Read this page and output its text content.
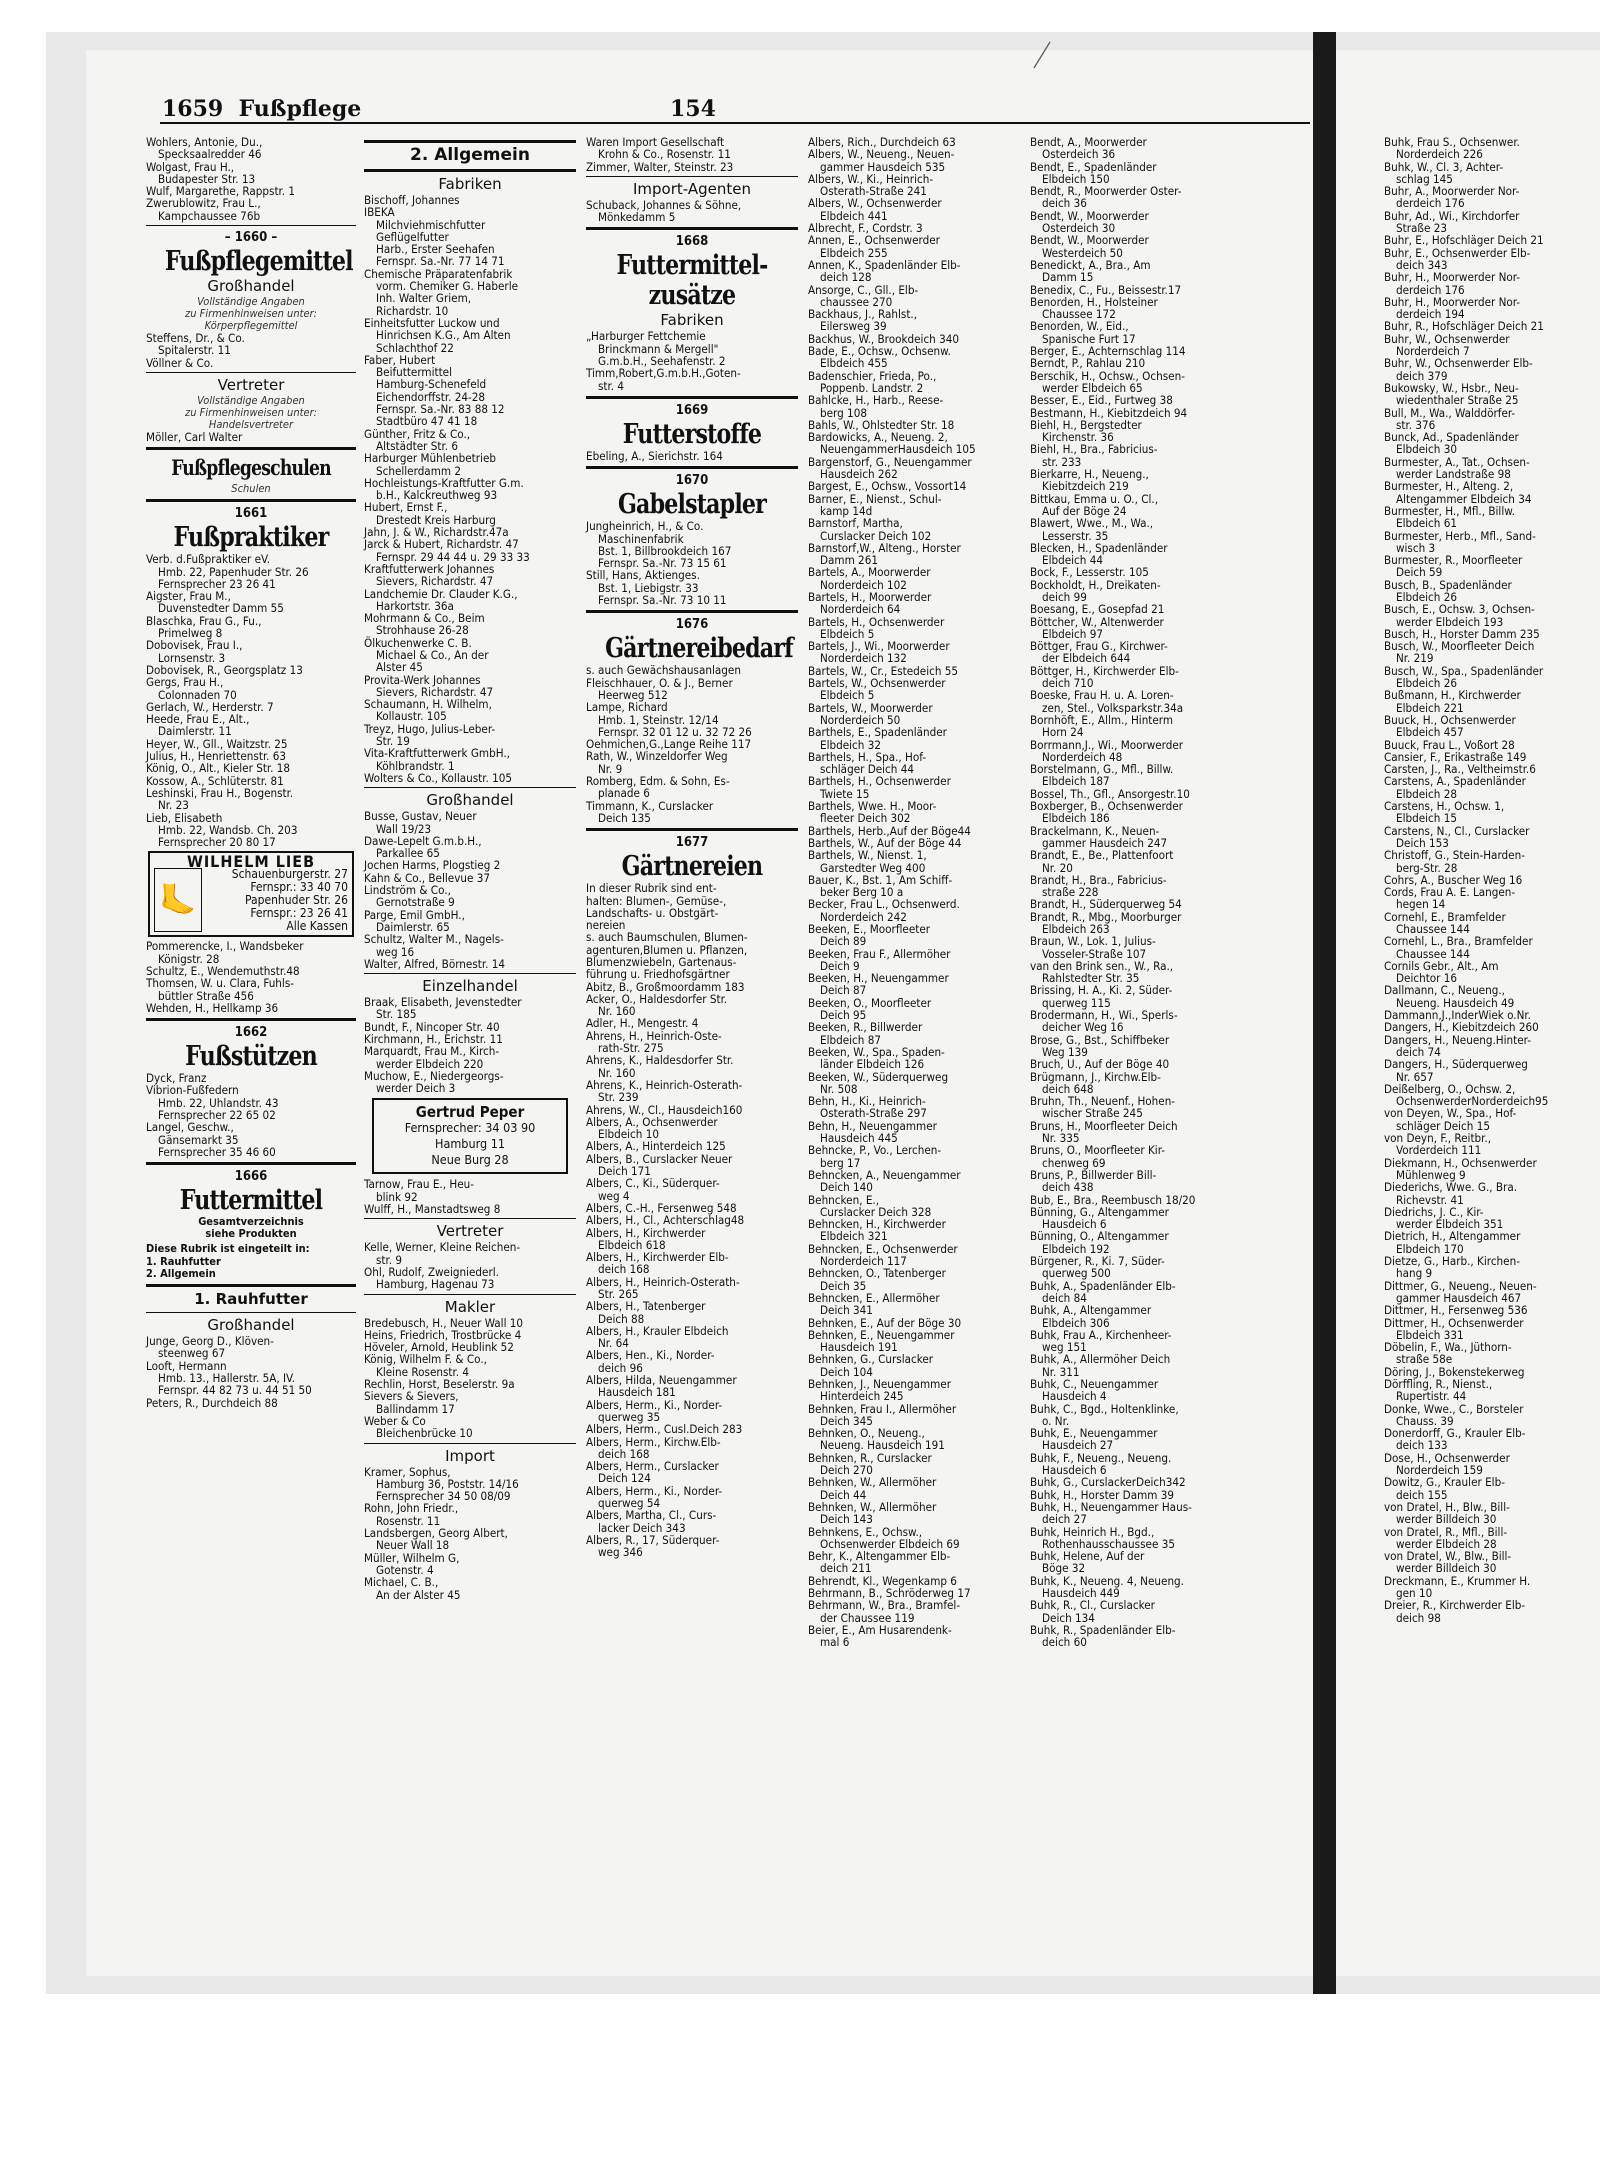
1659 Fußpflege	154
Wohlers, Antonie, Du.,
Specksaalredder 46
Wolgast, Frau H.,
Budapester Str. 13
Wulf, Margarethe, Rappstr. 1
Zwerublowitz, Frau L.,
Kampchaussee 76b
– 1660 –
Fußpflegemittel
Großhandel
Vollständige Angaben
zu Firmenhinweisen unter:
Körperpflegemittel
Steffens, Dr., & Co.
Spitalerstr. 11
Völlner & Co.
Vertreter
Vollständige Angaben
zu Firmenhinweisen unter:
Handelsvertreter
Möller, Carl Walter
Fußpflegeschulen
Schulen
1661
Fußpraktiker
Verb. d.Fußpraktiker eV.
Hmb. 22, Papenhuder Str. 26
Fernsprecher 23 26 41
Aigster, Frau M.,
Duvenstedter Damm 55
Blaschka, Frau G., Fu.,
Primelweg 8
Dobovisek, Frau I.,
Lornsenstr. 3
Dobovisek, R., Georgsplatz 13
Gergs, Frau H.,
Colonnaden 70
Gerlach, W., Herderstr. 7
Heede, Frau E., Alt.,
Daimlerstr. 11
Heyer, W., Gll., Waitzstr. 25
Julius, H., Henriettenstr. 63
König, O., Alt., Kieler Str. 18
Kossow, A., Schlüterstr. 81
Leshinski, Frau H., Bogenstr.
Nr. 23
Lieb, Elisabeth
Hmb. 22, Wandsb. Ch. 203
Fernsprecher 20 80 17
WILHELM LIEB
🦶
Schauenburgerstr. 27
Fernspr.: 33 40 70
Papenhuder Str. 26
Fernspr.: 23 26 41
Alle Kassen
Pommerencke, I., Wandsbeker
Königstr. 28
Schultz, E., Wendemuthstr.48
Thomsen, W. u. Clara, Fuhls-
büttler Straße 456
Wehden, H., Hellkamp 36
1662
Fußstützen
Dyck, Franz
Vibrion-Fußfedern
Hmb. 22, Uhlandstr. 43
Fernsprecher 22 65 02
Langel, Geschw.,
Gänsemarkt 35
Fernsprecher 35 46 60
1666
Futtermittel
Gesamtverzeichnis
siehe Produkten
Diese Rubrik ist eingeteilt in:
1. Rauhfutter
2. Allgemein
1. Rauhfutter
Großhandel
Junge, Georg D., Klöven-
steenweg 67
Looft, Hermann
Hmb. 13., Hallerstr. 5A, IV.
Fernspr. 44 82 73 u. 44 51 50
Peters, R., Durchdeich 88
2. Allgemein
Fabriken
Bischoff, Johannes
IBEKA
Milchviehmischfutter
Geflügelfutter
Harb., Erster Seehafen
Fernspr. Sa.-Nr. 77 14 71
Chemische Präparatenfabrik
vorm. Chemiker G. Haberle
Inh. Walter Griem,
Richardstr. 10
Einheitsfutter Luckow und
Hinrichsen K.G., Am Alten
Schlachthof 22
Faber, Hubert
Beifuttermittel
Hamburg-Schenefeld
Eichendorffstr. 24-28
Fernspr. Sa.-Nr. 83 88 12
Stadtbüro 47 41 18
Günther, Fritz & Co.,
Altstädter Str. 6
Harburger Mühlenbetrieb
Schellerdamm 2
Hochleistungs-Kraftfutter G.m.
b.H., Kalckreuthweg 93
Hubert, Ernst F.,
Drestedt Kreis Harburg
Jahn, J. & W., Richardstr.47a
Jarck & Hubert, Richardstr. 47
Fernspr. 29 44 44 u. 29 33 33
Kraftfutterwerk Johannes
Sievers, Richardstr. 47
Landchemie Dr. Clauder K.G.,
Harkortstr. 36a
Mohrmann & Co., Beim
Strohhause 26-28
Ölkuchenwerke C. B.
Michael & Co., An der
Alster 45
Provita-Werk Johannes
Sievers, Richardstr. 47
Schaumann, H. Wilhelm,
Kollaustr. 105
Treyz, Hugo, Julius-Leber-
Str. 19
Vita-Kraftfutterwerk GmbH.,
Köhlbrandstr. 1
Wolters & Co., Kollaustr. 105
Großhandel
Busse, Gustav, Neuer
Wall 19/23
Dawe-Lepelt G.m.b.H.,
Parkallee 65
Jochen Harms, Plogstieg 2
Kahn & Co., Bellevue 37
Lindström & Co.,
Gernotstraße 9
Parge, Emil GmbH.,
Daimlerstr. 65
Schultz, Walter M., Nagels-
weg 16
Walter, Alfred, Börnestr. 14
Einzelhandel
Braak, Elisabeth, Jevenstedter
Str. 185
Bundt, F., Nincoper Str. 40
Kirchmann, H., Erichstr. 11
Marquardt, Frau M., Kirch-
werder Elbdeich 220
Muchow, E., Niedergeorgs-
werder Deich 3
Gertrud Peper
Fernsprecher: 34 03 90
Hamburg 11
Neue Burg 28
Tarnow, Frau E., Heu-
blink 92
Wulff, H., Manstadtsweg 8
Vertreter
Kelle, Werner, Kleine Reichen-
str. 9
Ohl, Rudolf, Zweigniederl.
Hamburg, Hagenau 73
Makler
Bredebusch, H., Neuer Wall 10
Heins, Friedrich, Trostbrücke 4
Höveler, Arnold, Heublink 52
König, Wilhelm F. & Co.,
Kleine Rosenstr. 4
Rechlin, Horst, Beselerstr. 9a
Sievers & Sievers,
Ballindamm 17
Weber & Co
Bleichenbrücke 10
Import
Kramer, Sophus,
Hamburg 36, Poststr. 14/16
Fernsprecher 34 50 08/09
Rohn, John Friedr.,
Rosenstr. 11
Landsbergen, Georg Albert,
Neuer Wall 18
Müller, Wilhelm G,
Gotenstr. 4
Michael, C. B.,
An der Alster 45
Waren Import Gesellschaft
Krohn & Co., Rosenstr. 11
Zimmer, Walter, Steinstr. 23
Import-Agenten
Schuback, Johannes & Söhne,
Mönkedamm 5
1668
Futtermittel-
zusätze
Fabriken
„Harburger Fettchemie
Brinckmann & Mergell"
G.m.b.H., Seehafenstr. 2
Timm,Robert,G.m.b.H.,Goten-
str. 4
1669
Futterstoffe
Ebeling, A., Sierichstr. 164
1670
Gabelstapler
Jungheinrich, H., & Co.
Maschinenfabrik
Bst. 1, Billbrookdeich 167
Fernspr. Sa.-Nr. 73 15 61
Still, Hans, Aktienges.
Bst. 1, Liebigstr. 33
Fernspr. Sa.-Nr. 73 10 11
1676
Gärtnereibedarf
s. auch Gewächshausanlagen
Fleischhauer, O. & J., Berner
Heerweg 512
Lampe, Richard
Hmb. 1, Steinstr. 12/14
Fernspr. 32 01 12 u. 32 72 26
Oehmichen,G.,Lange Reihe 117
Rath, W., Winzeldorfer Weg
Nr. 9
Romberg, Edm. & Sohn, Es-
planade 6
Timmann, K., Curslacker
Deich 135
1677
Gärtnereien
In dieser Rubrik sind ent-
halten: Blumen-, Gemüse-,
Landschafts- u. Obstgärt-
nereien
s. auch Baumschulen, Blumen-
agenturen,Blumen u. Pflanzen,
Blumenzwiebeln, Gartenaus-
führung u. Friedhofsgärtner
Abitz, B., Großmoordamm 183
Acker, O., Haldesdorfer Str.
Nr. 160
Adler, H., Mengestr. 4
Ahrens, H., Heinrich-Oste-
rath-Str. 275
Ahrens, K., Haldesdorfer Str.
Nr. 160
Ahrens, K., Heinrich-Osterath-
Str. 239
Ahrens, W., Cl., Hausdeich160
Albers, A., Ochsenwerder
Elbdeich 10
Albers, A., Hinterdeich 125
Albers, B., Curslacker Neuer
Deich 171
Albers, C., Ki., Süderquer-
weg 4
Albers, C.-H., Fersenweg 548
Albers, H., Cl., Achterschlag48
Albers, H., Kirchwerder
Elbdeich 618
Albers, H., Kirchwerder Elb-
deich 168
Albers, H., Heinrich-Osterath-
Str. 265
Albers, H., Tatenberger
Deich 88
Albers, H., Krauler Elbdeich
Nr. 64
Albers, Hen., Ki., Norder-
deich 96
Albers, Hilda, Neuengammer
Hausdeich 181
Albers, Herm., Ki., Norder-
querweg 35
Albers, Herm., Cusl.Deich 283
Albers, Herm., Kirchw.Elb-
deich 168
Albers, Herm., Curslacker
Deich 124
Albers, Herm., Ki., Norder-
querweg 54
Albers, Martha, Cl., Curs-
lacker Deich 343
Albers, R., 17, Süderquer-
weg 346
Albers, Rich., Durchdeich 63
Albers, W., Neueng., Neuen-
gammer Hausdeich 535
Albers, W., Ki., Heinrich-
Osterath-Straße 241
Albers, W., Ochsenwerder
Elbdeich 441
Albrecht, F., Cordstr. 3
Annen, E., Ochsenwerder
Elbdeich 255
Annen, K., Spadenländer Elb-
deich 128
Ansorge, C., Gll., Elb-
chaussee 270
Backhaus, J., Rahlst.,
Eilersweg 39
Backhus, W., Brookdeich 340
Bade, E., Ochsw., Ochsenw.
Elbdeich 455
Badenschier, Frieda, Po.,
Poppenb. Landstr. 2
Bahlcke, H., Harb., Reese-
berg 108
Bahls, W., Ohlstedter Str. 18
Bardowicks, A., Neueng. 2,
NeuengammerHausdeich 105
Bargenstorf, G., Neuengammer
Hausdeich 262
Bargest, E., Ochsw., Vossort14
Barner, E., Nienst., Schul-
kamp 14d
Barnstorf, Martha,
Curslacker Deich 102
Barnstorf,W., Alteng., Horster
Damm 261
Bartels, A., Moorwerder
Norderdeich 102
Bartels, H., Moorwerder
Norderdeich 64
Bartels, H., Ochsenwerder
Elbdeich 5
Bartels, J., Wi., Moorwerder
Norderdeich 132
Bartels, W., Cr., Estedeich 55
Bartels, W., Ochsenwerder
Elbdeich 5
Bartels, W., Moorwerder
Norderdeich 50
Barthels, E., Spadenländer
Elbdeich 32
Barthels, H., Spa., Hof-
schläger Deich 44
Barthels, H., Ochsenwerder
Twiete 15
Barthels, Wwe. H., Moor-
fleeter Deich 302
Barthels, Herb.,Auf der Böge44
Barthels, W., Auf der Böge 44
Barthels, W., Nienst. 1,
Garstedter Weg 400
Bauer, K., Bst. 1, Am Schiff-
beker Berg 10 a
Becker, Frau L., Ochsenwerd.
Norderdeich 242
Beeken, E., Moorfleeter
Deich 89
Beeken, Frau F., Allermöher
Deich 9
Beeken, H., Neuengammer
Deich 87
Beeken, O., Moorfleeter
Deich 95
Beeken, R., Billwerder
Elbdeich 87
Beeken, W., Spa., Spaden-
länder Elbdeich 126
Beeken, W., Süderquerweg
Nr. 508
Behn, H., Ki., Heinrich-
Osterath-Straße 297
Behn, H., Neuengammer
Hausdeich 445
Behncke, P., Vo., Lerchen-
berg 17
Behncken, A., Neuengammer
Deich 140
Behncken, E.,
Curslacker Deich 328
Behncken, H., Kirchwerder
Elbdeich 321
Behncken, E., Ochsenwerder
Norderdeich 117
Behncken, O., Tatenberger
Deich 35
Behncken, E., Allermöher
Deich 341
Behnken, E., Auf der Böge 30
Behnken, E., Neuengammer
Hausdeich 191
Behnken, G., Curslacker
Deich 104
Behnken, J., Neuengammer
Hinterdeich 245
Behnken, Frau I., Allermöher
Deich 345
Behnken, O., Neueng.,
Neueng. Hausdeich 191
Behnken, R., Curslacker
Deich 270
Behnken, W., Allermöher
Deich 44
Behnken, W., Allermöher
Deich 143
Behnkens, E., Ochsw.,
Ochsenwerder Elbdeich 69
Behr, K., Altengammer Elb-
deich 211
Behrendt, Kl., Wegenkamp 6
Behrmann, B., Schröderweg 17
Behrmann, W., Bra., Bramfel-
der Chaussee 119
Beier, E., Am Husarendenk-
mal 6
Bendt, A., Moorwerder
Osterdeich 36
Bendt, E., Spadenländer
Elbdeich 150
Bendt, R., Moorwerder Oster-
deich 36
Bendt, W., Moorwerder
Osterdeich 30
Bendt, W., Moorwerder
Westerdeich 50
Benedickt, A., Bra., Am
Damm 15
Benedix, C., Fu., Beissestr.17
Benorden, H., Holsteiner
Chaussee 172
Benorden, W., Eid.,
Spanische Furt 17
Berger, E., Achternschlag 114
Berndt, P., Rahlau 210
Berschik, H., Ochsw., Ochsen-
werder Elbdeich 65
Besser, E., Eid., Furtweg 38
Bestmann, H., Kiebitzdeich 94
Biehl, H., Bergstedter
Kirchenstr. 36
Biehl, H., Bra., Fabricius-
str. 233
Bierkarre, H., Neueng.,
Kiebitzdeich 219
Bittkau, Emma u. O., Cl.,
Auf der Böge 24
Blawert, Wwe., M., Wa.,
Lesserstr. 35
Blecken, H., Spadenländer
Elbdeich 44
Bock, F., Lesserstr. 105
Bockholdt, H., Dreikaten-
deich 99
Boesang, E., Gosepfad 21
Böttcher, W., Altenwerder
Elbdeich 97
Böttger, Frau G., Kirchwer-
der Elbdeich 644
Böttger, H., Kirchwerder Elb-
deich 710
Boeske, Frau H. u. A. Loren-
zen, Stel., Volksparkstr.34a
Bornhöft, E., Allm., Hinterm
Horn 24
Borrmann,J., Wi., Moorwerder
Norderdeich 48
Borstelmann, G., Mfl., Billw.
Elbdeich 187
Bossel, Th., Gfl., Ansorgestr.10
Boxberger, B., Ochsenwerder
Elbdeich 186
Brackelmann, K., Neuen-
gammer Hausdeich 247
Brandt, E., Be., Plattenfoort
Nr. 20
Brandt, H., Bra., Fabricius-
straße 228
Brandt, H., Süderquerweg 54
Brandt, R., Mbg., Moorburger
Elbdeich 263
Braun, W., Lok. 1, Julius-
Vosseler-Straße 107
van den Brink sen., W., Ra.,
Rahlstedter Str. 35
Brissing, H. A., Ki. 2, Süder-
querweg 115
Brodermann, H., Wi., Sperls-
deicher Weg 16
Brose, G., Bst., Schiffbeker
Weg 139
Bruch, U., Auf der Böge 40
Brügmann, J., Kirchw.Elb-
deich 648
Bruhn, Th., Neuenf., Hohen-
wischer Straße 245
Bruns, H., Moorfleeter Deich
Nr. 335
Bruns, O., Moorfleeter Kir-
chenweg 69
Bruns, P., Billwerder Bill-
deich 438
Bub, E., Bra., Reembusch 18/20
Bünning, G., Altengammer
Hausdeich 6
Bünning, O., Altengammer
Elbdeich 192
Bürgener, R., Ki. 7, Süder-
querweg 500
Buhk, A., Spadenländer Elb-
deich 84
Buhk, A., Altengammer
Elbdeich 306
Buhk, Frau A., Kirchenheer-
weg 151
Buhk, A., Allermöher Deich
Nr. 311
Buhk, C., Neuengammer
Hausdeich 4
Buhk, C., Bgd., Holtenklinke,
o. Nr.
Buhk, E., Neuengammer
Hausdeich 27
Buhk, F., Neueng., Neueng.
Hausdeich 6
Buhk, G., CurslackerDeich342
Buhk, H., Horster Damm 39
Buhk, H., Neuengammer Haus-
deich 27
Buhk, Heinrich H., Bgd.,
Rothenhausschaussee 35
Buhk, Helene, Auf der
Böge 32
Buhk, K., Neueng. 4, Neueng.
Hausdeich 449
Buhk, R., Cl., Curslacker
Deich 134
Buhk, R., Spadenländer Elb-
deich 60
Buhk, Frau S., Ochsenwer.
Norderdeich 226
Buhk, W., Cl. 3, Achter-
schlag 145
Buhr, A., Moorwerder Nor-
derdeich 176
Buhr, Ad., Wi., Kirchdorfer
Straße 23
Buhr, E., Hofschläger Deich 21
Buhr, E., Ochsenwerder Elb-
deich 343
Buhr, H., Moorwerder Nor-
derdeich 176
Buhr, H., Moorwerder Nor-
derdeich 194
Buhr, R., Hofschläger Deich 21
Buhr, W., Ochsenwerder
Norderdeich 7
Buhr, W., Ochsenwerder Elb-
deich 379
Bukowsky, W., Hsbr., Neu-
wiedenthaler Straße 25
Bull, M., Wa., Walddörfer-
str. 376
Bunck, Ad., Spadenländer
Elbdeich 30
Burmester, A., Tat., Ochsen-
werder Landstraße 98
Burmester, H., Alteng. 2,
Altengammer Elbdeich 34
Burmester, H., Mfl., Billw.
Elbdeich 61
Burmester, Herb., Mfl., Sand-
wisch 3
Burmester, R., Moorfleeter
Deich 59
Busch, B., Spadenländer
Elbdeich 26
Busch, E., Ochsw. 3, Ochsen-
werder Elbdeich 193
Busch, H., Horster Damm 235
Busch, W., Moorfleeter Deich
Nr. 219
Busch, W., Spa., Spadenländer
Elbdeich 26
Bußmann, H., Kirchwerder
Elbdeich 221
Buuck, H., Ochsenwerder
Elbdeich 457
Buuck, Frau L., Voßort 28
Cansier, F., Erikastraße 149
Carsten, J., Ra., Veltheimstr.6
Carstens, A., Spadenländer
Elbdeich 28
Carstens, H., Ochsw. 1,
Elbdeich 15
Carstens, N., Cl., Curslacker
Deich 153
Christoff, G., Stein-Harden-
berg-Str. 28
Cohrs, A., Buscher Weg 16
Cords, Frau A. E. Langen-
hegen 14
Cornehl, E., Bramfelder
Chaussee 144
Cornehl, L., Bra., Bramfelder
Chaussee 144
Cornils Gebr., Alt., Am
Deichtor 16
Dallmann, C., Neueng.,
Neueng. Hausdeich 49
Dammann,J.,InderWiek o.Nr.
Dangers, H., Kiebitzdeich 260
Dangers, H., Neueng.Hinter-
deich 74
Dangers, H., Süderquerweg
Nr. 657
Deißelberg, O., Ochsw. 2,
OchsenwerderNorderdeich95
von Deyen, W., Spa., Hof-
schläger Deich 15
von Deyn, F., Reitbr.,
Vorderdeich 111
Diekmann, H., Ochsenwerder
Mühlenweg 9
Diederichs, Wwe. G., Bra.
Richevstr. 41
Diedrichs, J. C., Kir-
werder Elbdeich 351
Dietrich, H., Altengammer
Elbdeich 170
Dietze, G., Harb., Kirchen-
hang 9
Dittmer, G., Neueng., Neuen-
gammer Hausdeich 467
Dittmer, H., Fersenweg 536
Dittmer, H., Ochsenwerder
Elbdeich 331
Döbelin, F., Wa., Jüthorn-
straße 58e
Döring, J., Bokenstekerweg
Dörffling, R., Nienst.,
Rupertistr. 44
Donke, Wwe., C., Borsteler
Chauss. 39
Donerdorff, G., Krauler Elb-
deich 133
Dose, H., Ochsenwerder
Norderdeich 159
Dowitz, G., Krauler Elb-
deich 155
von Dratel, H., Blw., Bill-
werder Billdeich 30
von Dratel, R., Mfl., Bill-
werder Elbdeich 28
von Dratel, W., Blw., Bill-
werder Billdeich 30
Dreckmann, E., Krummer H.
gen 10
Dreier, R., Kirchwerder Elb-
deich 98
